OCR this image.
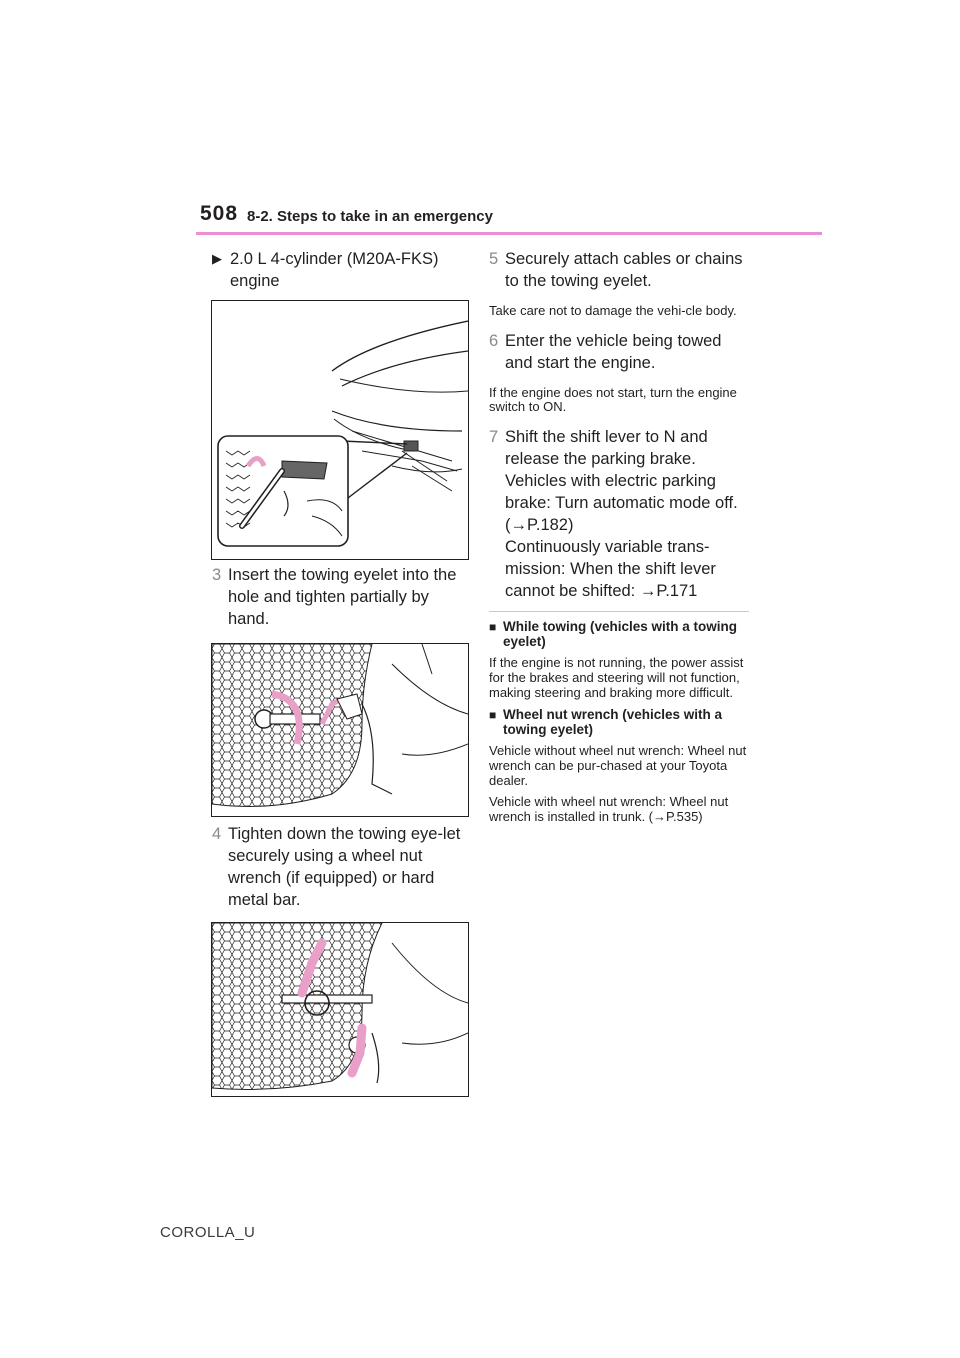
508 8-2. Steps to take in an emergency
▶ 2.0 L 4-cylinder (M20A-FKS) engine
3 Insert the towing eyelet into the hole and tighten partially by hand.
4 Tighten down the towing eye-let securely using a wheel nut wrench (if equipped) or hard metal bar.
5 Securely attach cables or chains to the towing eyelet.
Take care not to damage the vehi-cle body.
6 Enter the vehicle being towed and start the engine.
If the engine does not start, turn the engine switch to ON.
7 Shift the shift lever to N and release the parking brake.
Vehicles with electric parking brake: Turn automatic mode off. (→P.182)
Continuously variable trans-mission: When the shift lever cannot be shifted: →P.171
■ While towing (vehicles with a towing eyelet)
If the engine is not running, the power assist for the brakes and steering will not function, making steering and braking more difficult.
■ Wheel nut wrench (vehicles with a towing eyelet)
Vehicle without wheel nut wrench: Wheel nut wrench can be pur-chased at your Toyota dealer.
Vehicle with wheel nut wrench: Wheel nut wrench is installed in trunk. (→P.535)
COROLLA_U
